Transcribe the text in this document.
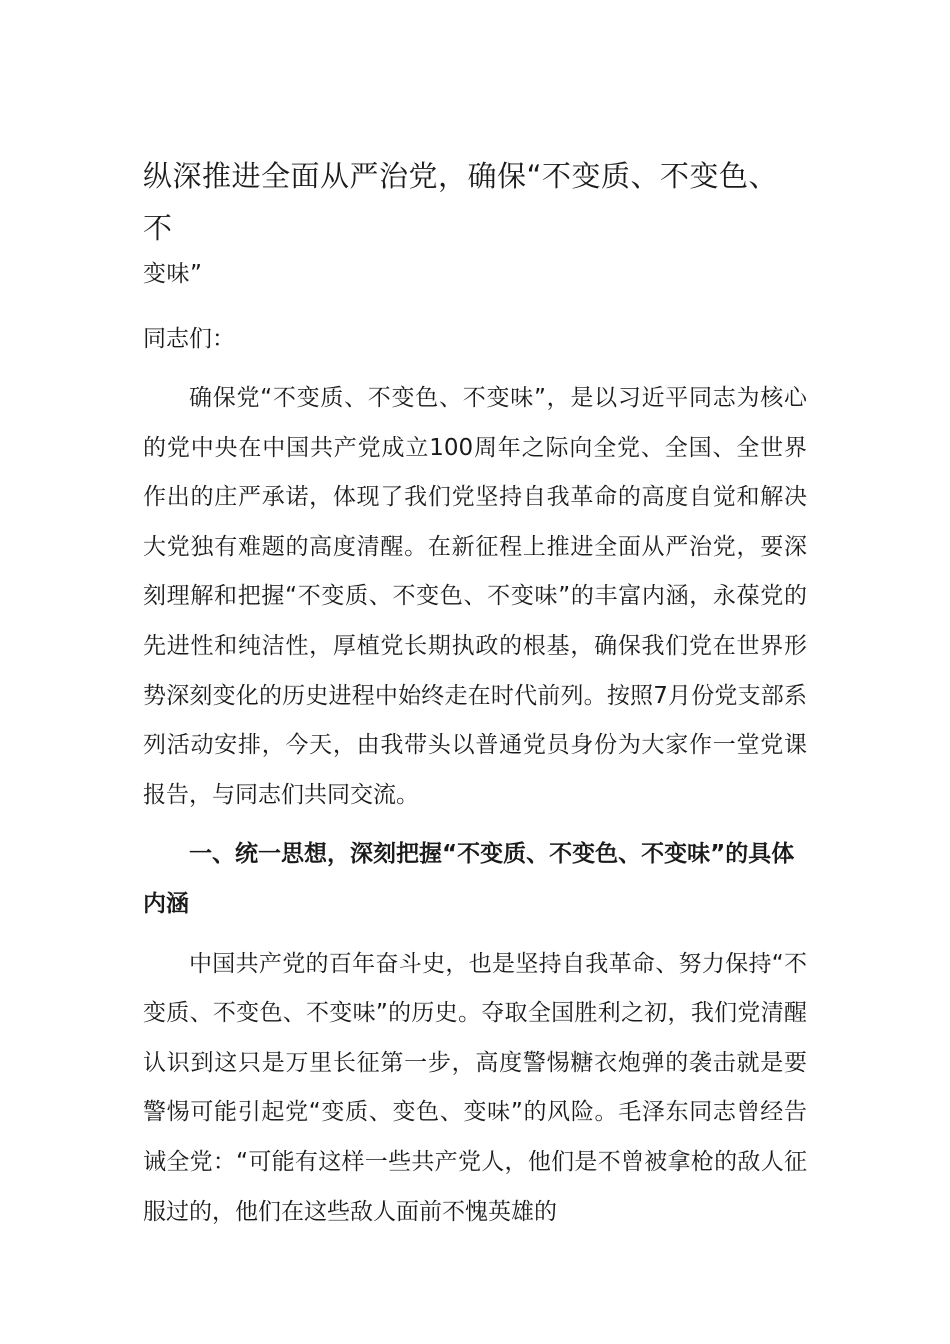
纵深推进全面从严治党，确保“不变质、不变色、不
变味”

同志们：

确保党“不变质、不变色、不变味”，是以习近平同志为核心的党中央在中国共产党成立100周年之际向全党、全国、全世界作出的庄严承诺，体现了我们党坚持自我革命的高度自觉和解决大党独有难题的高度清醒。在新征程上推进全面从严治党，要深刻理解和把握“不变质、不变色、不变味”的丰富内涵，永葆党的先进性和纯洁性，厚植党长期执政的根基，确保我们党在世界形势深刻变化的历史进程中始终走在时代前列。按照7月份党支部系列活动安排，今天，由我带头以普通党员身份为大家作一堂党课报告，与同志们共同交流。

一、统一思想，深刻把握“不变质、不变色、不变味”的具体内涵

中国共产党的百年奋斗史，也是坚持自我革命、努力保持“不变质、不变色、不变味”的历史。夺取全国胜利之初，我们党清醒认识到这只是万里长征第一步，高度警惕糖衣炮弹的袭击就是要警惕可能引起党“变质、变色、变味”的风险。毛泽东同志曾经告诫全党：“可能有这样一些共产党人，他们是不曾被拿枪的敌人征服过的，他们在这些敌人面前不愧英雄的
